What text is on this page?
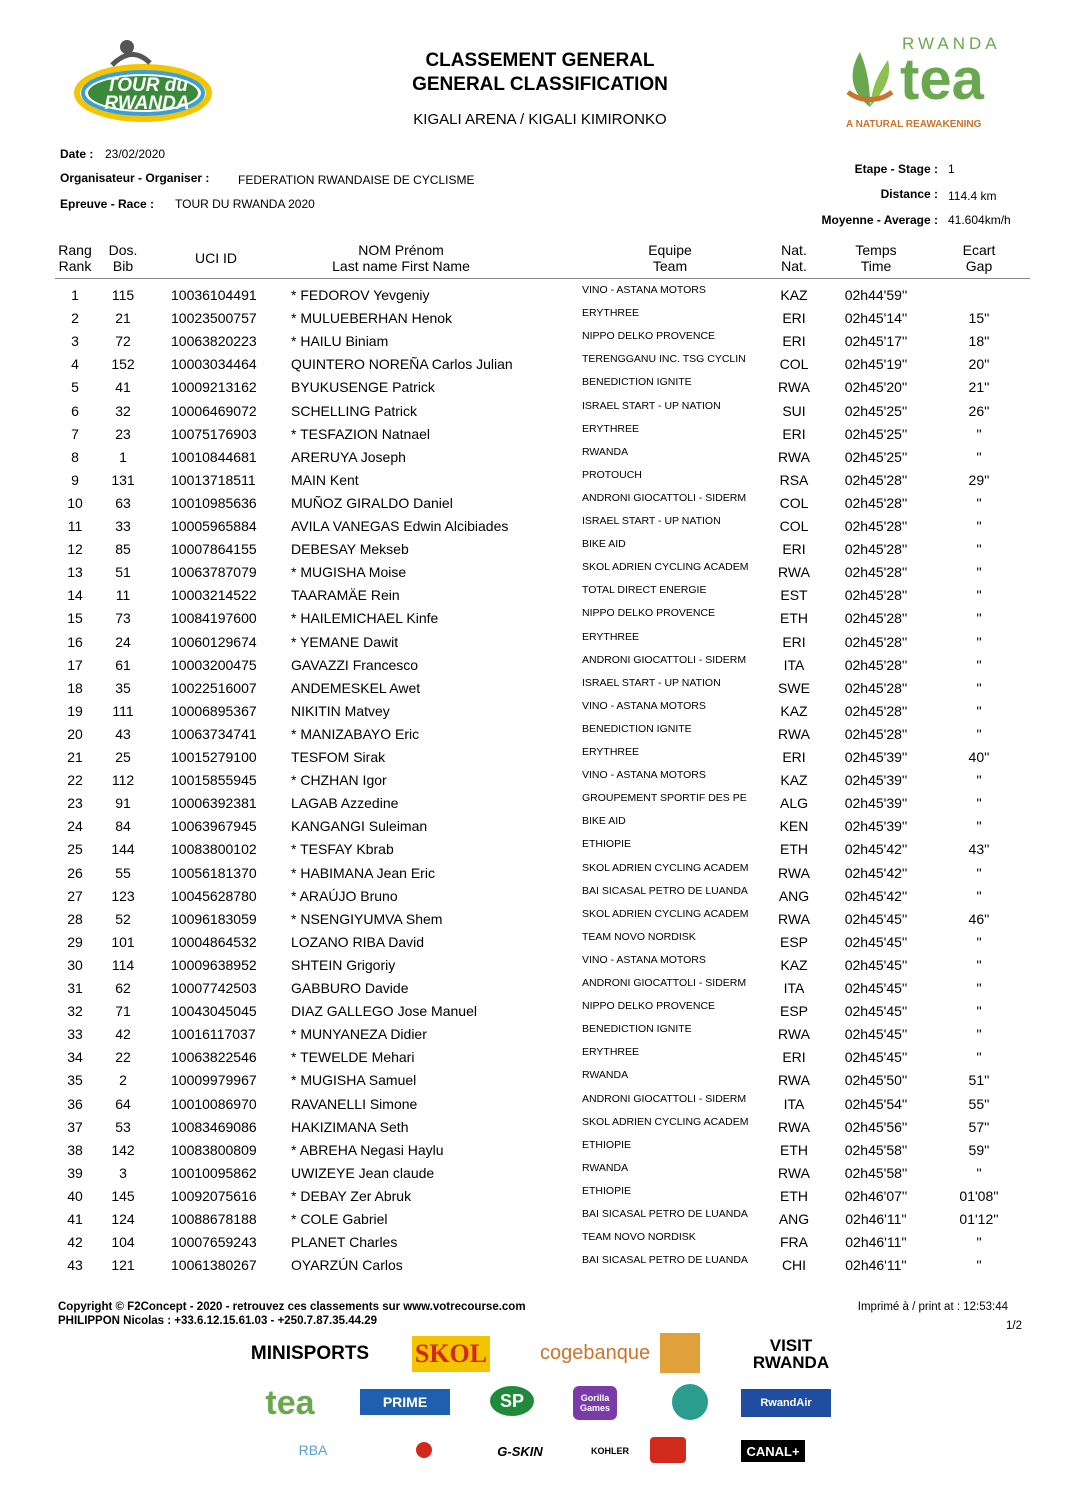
TOUR du RWANDA
RWANDA
tea
A NATURAL REAWAKENING
CLASSEMENT GENERAL
GENERAL CLASSIFICATION
KIGALI ARENA / KIGALI KIMIRONKO
Date : 23/02/2020
Organisateur - Organiser : FEDERATION RWANDAISE DE CYCLISME
Epreuve - Race : TOUR DU RWANDA 2020
Etape - Stage : 1
Distance : 114.4 km
Moyenne - Average : 41.604km/h
Rang
Rank
Dos.
Bib	UCI ID	NOM Prénom
Last name First Name
Equipe
Team
Nat.
Nat.
Temps
Time
Ecart
Gap
1	115	10036104491 * FEDOROV Yevgeniy	VINO - ASTANA MOTORS	KAZ	02h44'59''
2	21	10023500757 * MULUEBERHAN Henok	ERYTHREE	ERI	02h45'14''	15''
3	72	10063820223 * HAILU Biniam	NIPPO DELKO PROVENCE	ERI	02h45'17''	18''
4	152	10003034464 QUINTERO NOREÑA Carlos Julian	TERENGGANU INC. TSG CYCLIN	COL	02h45'19''	20''
5	41	10009213162 BYUKUSENGE Patrick	BENEDICTION IGNITE	RWA	02h45'20''	21''
6	32	10006469072 SCHELLING Patrick	ISRAEL START - UP NATION	SUI	02h45'25''	26''
7	23	10075176903 * TESFAZION Natnael	ERYTHREE	ERI	02h45'25''	''
8	1	10010844681 ARERUYA Joseph	RWANDA	RWA	02h45'25''	''
9	131	10013718511	MAIN Kent	PROTOUCH	RSA	02h45'28''	29''
10	63	10010985636 MUÑOZ GIRALDO Daniel	ANDRONI GIOCATTOLI - SIDERM	COL	02h45'28''	''
11	33	10005965884 AVILA VANEGAS Edwin Alcibiades	ISRAEL START - UP NATION	COL	02h45'28''	''
12	85	10007864155 DEBESAY Mekseb	BIKE AID	ERI	02h45'28''	''
13	51	10063787079 * MUGISHA Moise	SKOL ADRIEN CYCLING ACADEM	RWA	02h45'28''	''
14	11	10003214522 TAARAMÄE Rein	TOTAL DIRECT ENERGIE	EST	02h45'28''	''
15	73	10084197600 * HAILEMICHAEL Kinfe	NIPPO DELKO PROVENCE	ETH	02h45'28''	''
16	24	10060129674 * YEMANE Dawit	ERYTHREE	ERI	02h45'28''	''
17	61	10003200475 GAVAZZI Francesco	ANDRONI GIOCATTOLI - SIDERM	ITA	02h45'28''	''
18	35	10022516007 ANDEMESKEL Awet	ISRAEL START - UP NATION	SWE	02h45'28''	''
19	111	10006895367 NIKITIN Matvey	VINO - ASTANA MOTORS	KAZ	02h45'28''	''
20	43	10063734741 * MANIZABAYO Eric	BENEDICTION IGNITE	RWA	02h45'28''	''
21	25	10015279100 TESFOM Sirak	ERYTHREE	ERI	02h45'39''	40''
22	112	10015855945 * CHZHAN Igor	VINO - ASTANA MOTORS	KAZ	02h45'39''	''
23	91	10006392381 LAGAB Azzedine	GROUPEMENT SPORTIF DES PE	ALG	02h45'39''	''
24	84	10063967945 KANGANGI Suleiman	BIKE AID	KEN	02h45'39''	''
25	144	10083800102 * TESFAY Kbrab	ETHIOPIE	ETH	02h45'42''	43''
26	55	10056181370 * HABIMANA Jean Eric	SKOL ADRIEN CYCLING ACADEM	RWA	02h45'42''	''
27	123	10045628780 * ARAÚJO Bruno	BAI SICASAL PETRO DE LUANDA	ANG	02h45'42''	''
28	52	10096183059 * NSENGIYUMVA Shem	SKOL ADRIEN CYCLING ACADEM	RWA	02h45'45''	46''
29	101	10004864532 LOZANO RIBA David	TEAM NOVO NORDISK	ESP	02h45'45''	''
30	114	10009638952 SHTEIN Grigoriy	VINO - ASTANA MOTORS	KAZ	02h45'45''	''
31	62	10007742503 GABBURO Davide	ANDRONI GIOCATTOLI - SIDERM	ITA	02h45'45''	''
32	71	10043045045 DIAZ GALLEGO Jose Manuel	NIPPO DELKO PROVENCE	ESP	02h45'45''	''
33	42	10016117037	* MUNYANEZA Didier	BENEDICTION IGNITE	RWA	02h45'45''	''
34	22	10063822546 * TEWELDE Mehari	ERYTHREE	ERI	02h45'45''	''
35	2	10009979967 * MUGISHA Samuel	RWANDA	RWA	02h45'50''	51''
36	64	10010086970 RAVANELLI Simone	ANDRONI GIOCATTOLI - SIDERM	ITA	02h45'54''	55''
37	53	10083469086 HAKIZIMANA Seth	SKOL ADRIEN CYCLING ACADEM	RWA	02h45'56''	57''
38	142	10083800809 * ABREHA Negasi Haylu	ETHIOPIE	ETH	02h45'58''	59''
39	3	10010095862 UWIZEYE Jean claude	RWANDA	RWA	02h45'58''	''
40	145	10092075616 * DEBAY Zer Abruk	ETHIOPIE	ETH	02h46'07''	01'08''
41	124	10088678188 * COLE Gabriel	BAI SICASAL PETRO DE LUANDA	ANG	02h46'11''	01'12''
42	104	10007659243 PLANET Charles	TEAM NOVO NORDISK	FRA	02h46'11''	''
43	121	10061380267 OYARZÚN Carlos	BAI SICASAL PETRO DE LUANDA	CHI	02h46'11''	''
Copyright © F2Concept - 2020 - retrouvez ces classements sur www.votrecourse.com
PHILIPPON Nicolas : +33.6.12.15.61.03 - +250.7.87.35.44.29
Imprimé à / print at : 12:53:44
1/2
MINISPORTS SKOL	cogebanque	VISIT RWANDA
tea	PRIME	SP	Gorilla Games	RwandAir
RBA	G-SKIN	KOHLER	CANAL+
